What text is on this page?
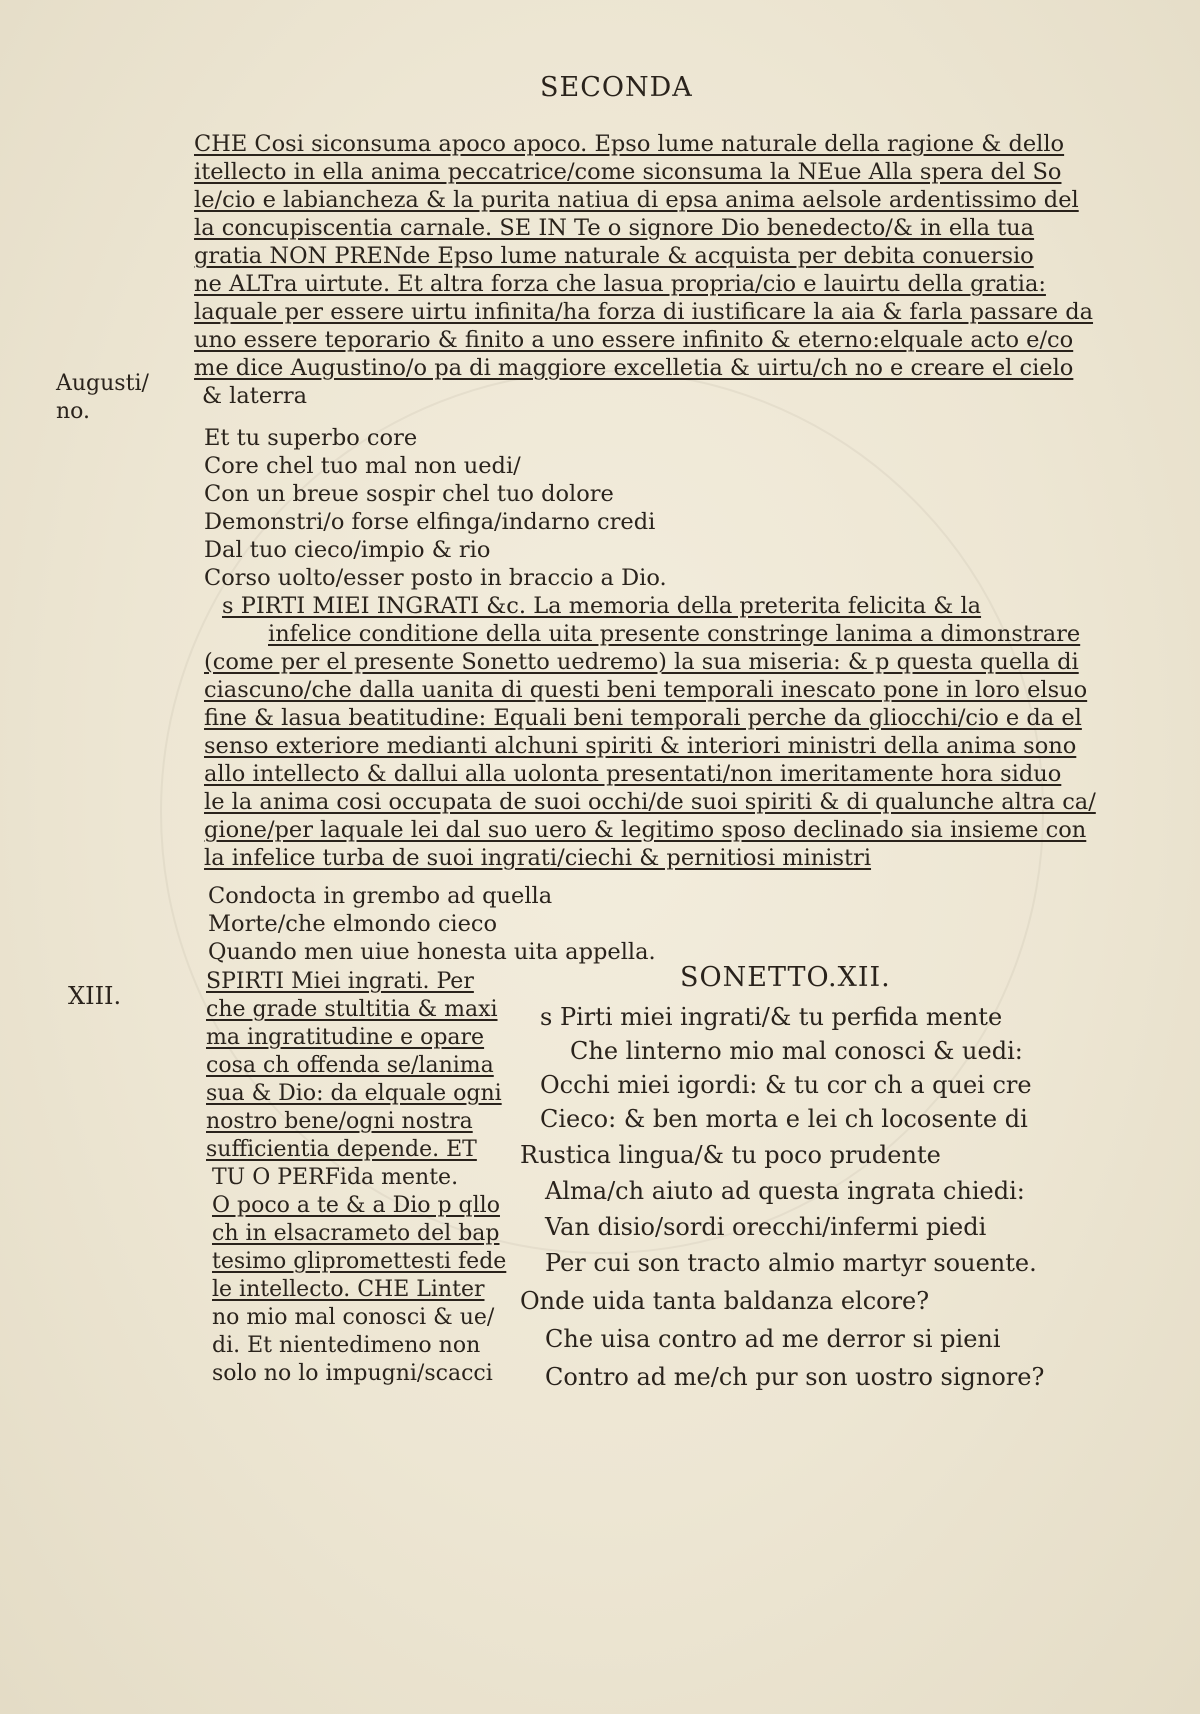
SECONDA
CHE Cosi siconsuma apoco apoco. Epso lume naturale della ragione & dello
itellecto in ella anima peccatrice/come siconsuma la NEue Alla spera del So
le/cio e labiancheza & la purita natiua di epsa anima aelsole ardentissimo del
la concupiscentia carnale. SE IN Te o signore Dio benedecto/& in ella tua
gratia NON PRENde Epso lume naturale & acquista per debita conuersio
ne ALTra uirtute. Et altra forza che lasua propria/cio e lauirtu della gratia:
laquale per essere uirtu infinita/ha forza di iustificare la aia & farla passare da
uno essere teporario & finito a uno essere infinito & eterno:elquale acto e/co
me dice Augustino/o pa di maggiore excelletia & uirtu/ch no e creare el cielo
& laterra
Augusti/
no.
Et tu superbo core
Core chel tuo mal non uedi/
Con un breue sospir chel tuo dolore
Demonstri/o forse elfinga/indarno credi
Dal tuo cieco/impio & rio
Corso uolto/esser posto in braccio a Dio.
s PIRTI MIEI INGRATI &c. La memoria della preterita felicita & la
infelice conditione della uita presente constringe lanima a dimonstrare
(come per el presente Sonetto uedremo) la sua miseria: & p questa quella di
ciascuno/che dalla uanita di questi beni temporali inescato pone in loro elsuo
fine & lasua beatitudine: Equali beni temporali perche da gliocchi/cio e da el
senso exteriore medianti alchuni spiriti & interiori ministri della anima sono
allo intellecto & dallui alla uolonta presentati/non imeritamente hora siduo
le la anima cosi occupata de suoi occhi/de suoi spiriti & di qualunche altra ca/
gione/per laquale lei dal suo uero & legitimo sposo declinado sia insieme con
la infelice turba de suoi ingrati/ciechi & pernitiosi ministri
Condocta in grembo ad quella
Morte/che elmondo cieco
Quando men uiue honesta uita appella.
XIII.
SPIRTI Miei ingrati. Per
che grade stultitia & maxi
ma ingratitudine e opare
cosa ch offenda se/lanima
sua & Dio: da elquale ogni
nostro bene/ogni nostra
sufficientia depende. ET
TU O PERFida mente.
O poco a te & a Dio p qllo
ch in elsacrameto del bap
tesimo glipromettesti fede
le intellecto. CHE Linter
no mio mal conosci & ue/
di. Et nientedimeno non
solo no lo impugni/scacci
SONETTO.XII.
s Pirti miei ingrati/& tu perfida mente
Che linterno mio mal conosci & uedi:
Occhi miei igordi: & tu cor ch a quei cre
Cieco: & ben morta e lei ch locosente di
Rustica lingua/& tu poco prudente
Alma/ch aiuto ad questa ingrata chiedi:
Van disio/sordi orecchi/infermi piedi
Per cui son tracto almio martyr souente.
Onde uida tanta baldanza elcore?
Che uisa contro ad me derror si pieni
Contro ad me/ch pur son uostro signore?
